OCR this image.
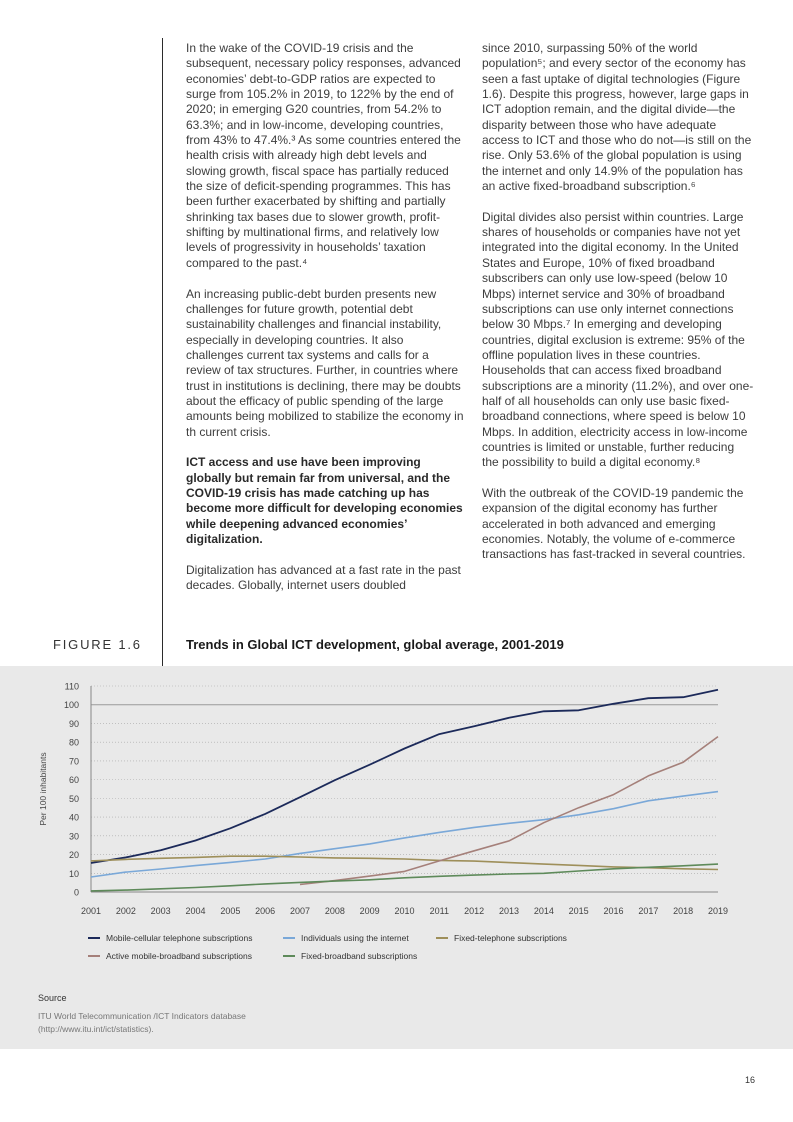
In the wake of the COVID-19 crisis and the subsequent, necessary policy responses, advanced economies’ debt-to-GDP ratios are expected to surge from 105.2% in 2019, to 122% by the end of 2020; in emerging G20 countries, from 54.2% to 63.3%; and in low-income, developing countries, from 43% to 47.4%.³ As some countries entered the health crisis with already high debt levels and slowing growth, fiscal space has partially reduced the size of deficit-spending programmes. This has been further exacerbated by shifting and partially shrinking tax bases due to slower growth, profit-shifting by multinational firms, and relatively low levels of progressivity in households’ taxation compared to the past.⁴

An increasing public-debt burden presents new challenges for future growth, potential debt sustainability challenges and financial instability, especially in developing countries. It also challenges current tax systems and calls for a review of tax structures. Further, in countries where trust in institutions is declining, there may be doubts about the efficacy of public spending of the large amounts being mobilized to stabilize the economy in th current crisis.

ICT access and use have been improving globally but remain far from universal, and the COVID-19 crisis has made catching up has become more difficult for developing economies while deepening advanced economies’ digitalization.

Digitalization has advanced at a fast rate in the past decades. Globally, internet users doubled

since 2010, surpassing 50% of the world population⁵; and every sector of the economy has seen a fast uptake of digital technologies (Figure 1.6). Despite this progress, however, large gaps in ICT adoption remain, and the digital divide—the disparity between those who have adequate access to ICT and those who do not—is still on the rise. Only 53.6% of the global population is using the internet and only 14.9% of the population has an active fixed-broadband subscription.⁶

Digital divides also persist within countries. Large shares of households or companies have not yet integrated into the digital economy. In the United States and Europe, 10% of fixed broadband subscribers can only use low-speed (below 10 Mbps) internet service and 30% of broadband subscriptions can use only internet connections below 30 Mbps.⁷ In emerging and developing countries, digital exclusion is extreme: 95% of the offline population lives in these countries. Households that can access fixed broadband subscriptions are a minority (11.2%), and over one-half of all households can only use basic fixed-broadband connections, where speed is below 10 Mbps. In addition, electricity access in low-income countries is limited or unstable, further reducing the possibility to build a digital economy.⁸

With the outbreak of the COVID-19 pandemic the expansion of the digital economy has further accelerated in both advanced and emerging economies. Notably, the volume of e-commerce transactions has fast-tracked in several countries.

FIGURE 1.6	Trends in Global ICT development, global average, 2001-2019
0
10
20
30
40
50
60
70
80
90
100
110
2001 2002 2003 2004 2005 2006 2007 2008 2009 2010 2011 2012 2013 2014 2015 2016 2017 2018 2019
Per 100 inhabitants
Mobile-cellular telephone subscriptions	Individuals using the internet	Fixed-telephone subscriptions
Active mobile-broadband subscriptions	Fixed-broadband subscriptions
Source
ITU World Telecommunication /ICT Indicators database
(http://www.itu.int/ict/statistics).
16
